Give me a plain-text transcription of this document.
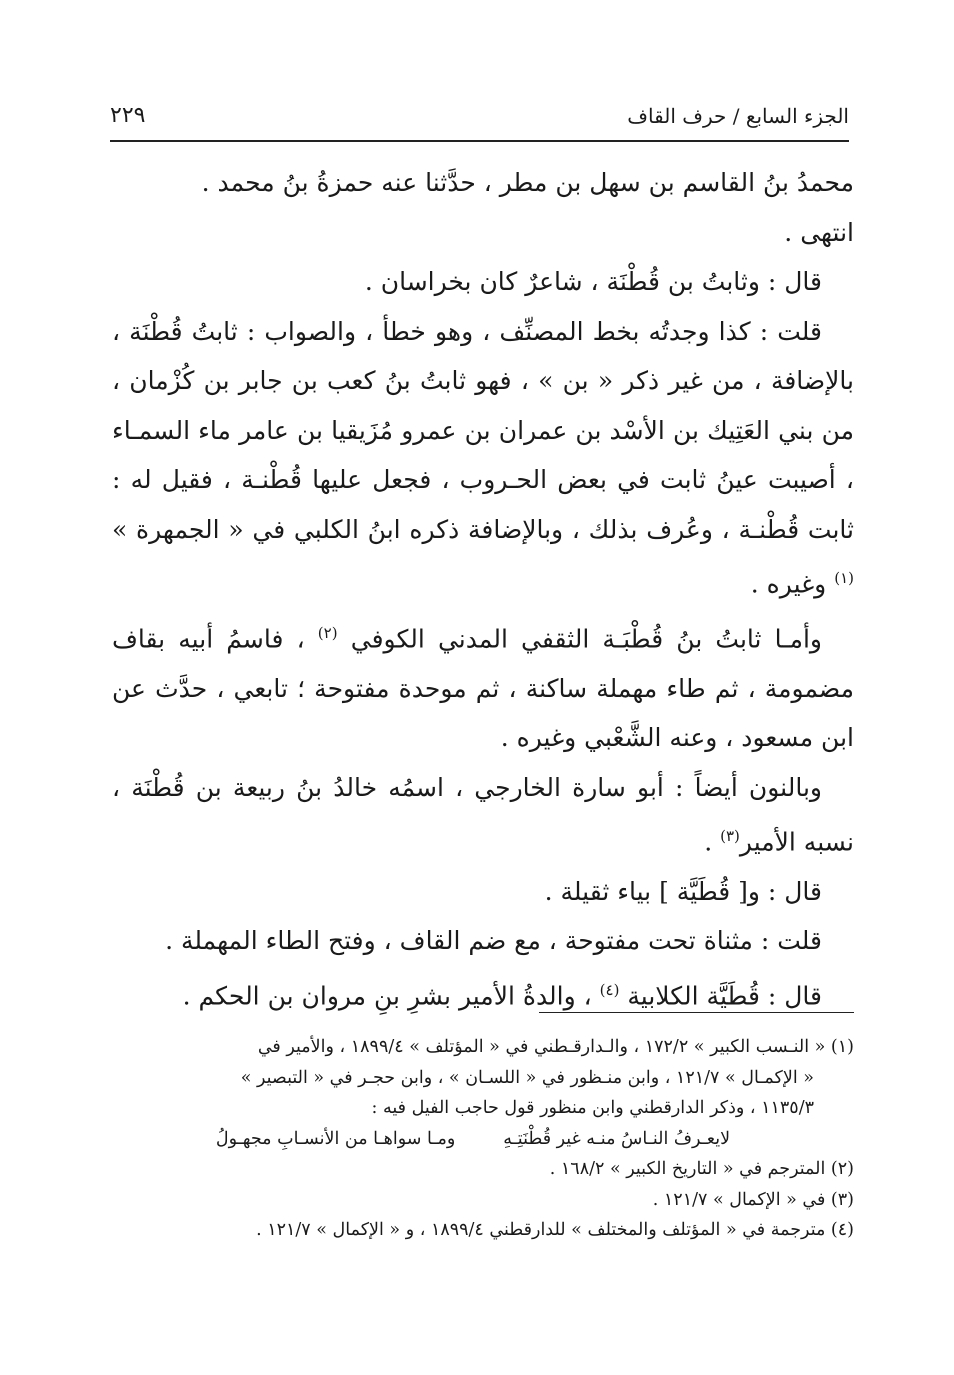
٢٢٩	الجزء السابع / حرف القاف

محمدُ بنُ القاسم بن سهل بن مطر ، حدَّثنا عنه حمزةُ بنُ محمد .

انتهى .

قال : وثابتُ بن قُطْنَة ، شاعرٌ كان بخراسان .

قلت : كذا وجدتُه بخط المصنِّف ، وهو خطأ ، والصواب : ثابتُ قُطْنَة ، بالإضافة ، من غير ذكر « بن » ، فهو ثابتُ بنُ كعب بن جابر بن كُزْمان ، من بني العَتِيك بن الأسْد بن عمران بن عمرو مُزَيقيا بن عامر ماء السمـاء ، أصيبت عينُ ثابت في بعض الحـروب ، فجعل عليها قُطْنـة ، فقيل له : ثابت قُطْنـة ، وعُرف بذلك ، وبالإضافة ذكره ابنُ الكلبي في « الجمهرة » $^{(١)}$ وغيره .

وأمـا ثابتُ بنُ قُطْبَـة الثقفي المدني الكوفي $^{(٢)}$ ، فاسمُ أبيه بقاف مضمومة ، ثم طاء مهملة ساكنة ، ثم موحدة مفتوحة ؛ تابعي ، حدَّث عن ابن مسعود ، وعنه الشَّعْبي وغيره .

وبالنون أيضاً : أبو سارة الخارجي ، اسمُه خالدُ بنُ ربيعة بن قُطْنَة ، نسبه الأمير$^{(٣)}$ .

قال : و[ قُطَيَّة ] بياء ثقيلة .

قلت : مثناة تحت مفتوحة ، مع ضم القاف ، وفتح الطاء المهملة .

قال : قُطَيَّة الكلابية $^{(٤)}$ ، والدةُ الأمير بشرِ بنِ مروان بن الحكم .

(١) « النـسب الكبير » ١٧٢/٢ ، والـدارقـطني في « المؤتلف » ١٨٩٩/٤ ، والأمير في

« الإكمـال » ١٢١/٧ ، وابن منـظور في « اللسـان » ، وابن حجـر في « التبصير »

١١٣٥/٣ ، وذكر الدارقطني وابن منظور قول حاجب الفيل فيه :

لايعـرفُ النـاسُ منـه غير قُطْنَتِـهِ
ومـا سواهـا من الأنسـابِ مجهـولُ

(٢) المترجم في « التاريخ الكبير » ١٦٨/٢ .

(٣) في « الإكمال » ١٢١/٧ .

(٤) مترجمة في « المؤتلف والمختلف » للدارقطني ١٨٩٩/٤ ، و « الإكمال » ١٢١/٧ .
